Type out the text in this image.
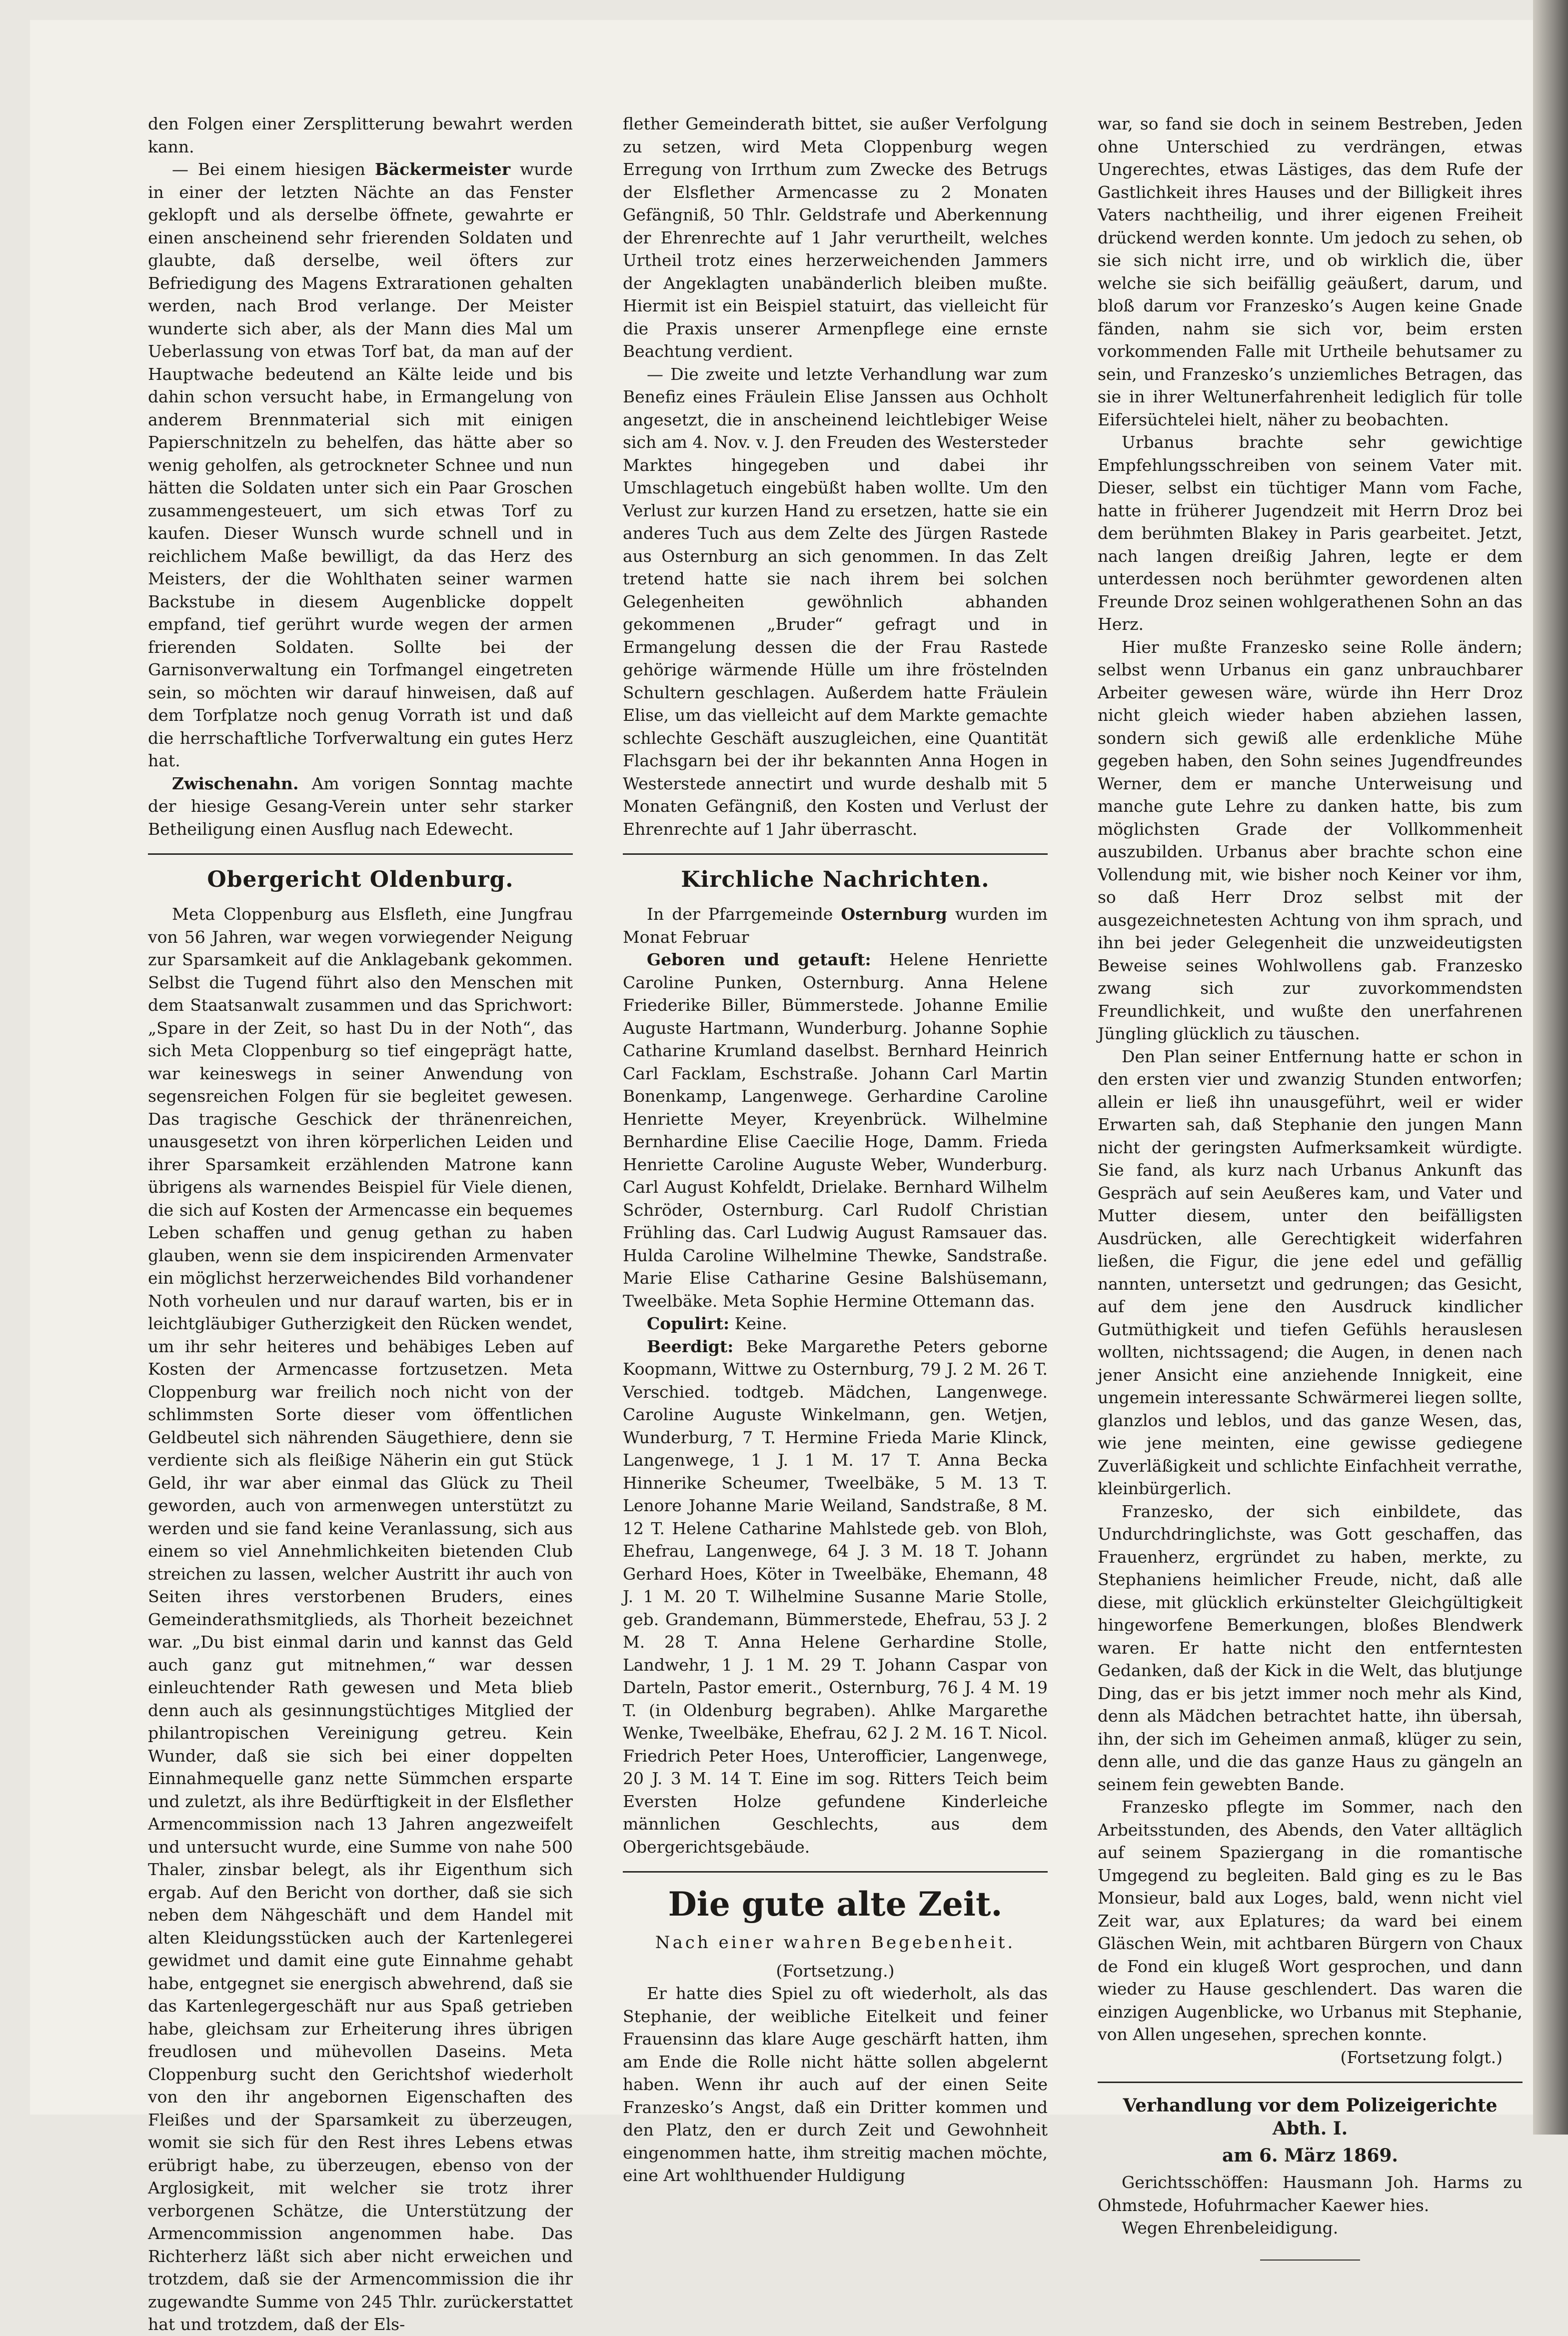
den Folgen einer Zersplitterung bewahrt werden kann.

— Bei einem hiesigen Bäckermeister wurde in einer der letzten Nächte an das Fenster geklopft und als derselbe öffnete, gewahrte er einen anscheinend sehr frierenden Soldaten und glaubte, daß derselbe, weil öfters zur Befriedigung des Magens Extrarationen gehalten werden, nach Brod verlange. Der Meister wunderte sich aber, als der Mann dies Mal um Ueberlassung von etwas Torf bat, da man auf der Hauptwache bedeutend an Kälte leide und bis dahin schon versucht habe, in Ermangelung von anderem Brennmaterial sich mit einigen Papierschnitzeln zu behelfen, das hätte aber so wenig geholfen, als getrockneter Schnee und nun hätten die Soldaten unter sich ein Paar Groschen zusammengesteuert, um sich etwas Torf zu kaufen. Dieser Wunsch wurde schnell und in reichlichem Maße bewilligt, da das Herz des Meisters, der die Wohlthaten seiner warmen Backstube in diesem Augenblicke doppelt empfand, tief gerührt wurde wegen der armen frierenden Soldaten. Sollte bei der Garnisonverwaltung ein Torfmangel eingetreten sein, so möchten wir darauf hinweisen, daß auf dem Torfplatze noch genug Vorrath ist und daß die herrschaftliche Torfverwaltung ein gutes Herz hat.

Zwischenahn. Am vorigen Sonntag machte der hiesige Gesang-Verein unter sehr starker Betheiligung einen Ausflug nach Edewecht.

Obergericht Oldenburg.

Meta Cloppenburg aus Elsfleth, eine Jungfrau von 56 Jahren, war wegen vorwiegender Neigung zur Sparsamkeit auf die Anklagebank gekommen. Selbst die Tugend führt also den Menschen mit dem Staatsanwalt zusammen und das Sprichwort: „Spare in der Zeit, so hast Du in der Noth“, das sich Meta Cloppenburg so tief eingeprägt hatte, war keineswegs in seiner Anwendung von segensreichen Folgen für sie begleitet gewesen. Das tragische Geschick der thränenreichen, unausgesetzt von ihren körperlichen Leiden und ihrer Sparsamkeit erzählenden Matrone kann übrigens als warnendes Beispiel für Viele dienen, die sich auf Kosten der Armencasse ein bequemes Leben schaffen und genug gethan zu haben glauben, wenn sie dem inspicirenden Armenvater ein möglichst herzerweichendes Bild vorhandener Noth vorheulen und nur darauf warten, bis er in leichtgläubiger Gutherzigkeit den Rücken wendet, um ihr sehr heiteres und behäbiges Leben auf Kosten der Armencasse fortzusetzen. Meta Cloppenburg war freilich noch nicht von der schlimmsten Sorte dieser vom öffentlichen Geldbeutel sich nährenden Säugethiere, denn sie verdiente sich als fleißige Näherin ein gut Stück Geld, ihr war aber einmal das Glück zu Theil geworden, auch von armenwegen unterstützt zu werden und sie fand keine Veranlassung, sich aus einem so viel Annehmlichkeiten bietenden Club streichen zu lassen, welcher Austritt ihr auch von Seiten ihres verstorbenen Bruders, eines Gemeinderathsmitglieds, als Thorheit bezeichnet war. „Du bist einmal darin und kannst das Geld auch ganz gut mitnehmen,“ war dessen einleuchtender Rath gewesen und Meta blieb denn auch als gesinnungstüchtiges Mitglied der philantropischen Vereinigung getreu. Kein Wunder, daß sie sich bei einer doppelten Einnahmequelle ganz nette Sümmchen ersparte und zuletzt, als ihre Bedürftigkeit in der Elsflether Armencommission nach 13 Jahren angezweifelt und untersucht wurde, eine Summe von nahe 500 Thaler, zinsbar belegt, als ihr Eigenthum sich ergab. Auf den Bericht von dorther, daß sie sich neben dem Nähgeschäft und dem Handel mit alten Kleidungsstücken auch der Kartenlegerei gewidmet und damit eine gute Einnahme gehabt habe, entgegnet sie energisch abwehrend, daß sie das Kartenlegergeschäft nur aus Spaß getrieben habe, gleichsam zur Erheiterung ihres übrigen freudlosen und mühevollen Daseins. Meta Cloppenburg sucht den Gerichtshof wiederholt von den ihr angebornen Eigenschaften des Fleißes und der Sparsamkeit zu überzeugen, womit sie sich für den Rest ihres Lebens etwas erübrigt habe, zu überzeugen, ebenso von der Arglosigkeit, mit welcher sie trotz ihrer verborgenen Schätze, die Unterstützung der Armencommission angenommen habe. Das Richterherz läßt sich aber nicht erweichen und trotzdem, daß sie der Armencommission die ihr zugewandte Summe von 245 Thlr. zurückerstattet hat und trotzdem, daß der Els-

flether Gemeinderath bittet, sie außer Verfolgung zu setzen, wird Meta Cloppenburg wegen Erregung von Irrthum zum Zwecke des Betrugs der Elsflether Armencasse zu 2 Monaten Gefängniß, 50 Thlr. Geldstrafe und Aberkennung der Ehrenrechte auf 1 Jahr verurtheilt, welches Urtheil trotz eines herzerweichenden Jammers der Angeklagten unabänderlich bleiben mußte. Hiermit ist ein Beispiel statuirt, das vielleicht für die Praxis unserer Armenpflege eine ernste Beachtung verdient.

— Die zweite und letzte Verhandlung war zum Benefiz eines Fräulein Elise Janssen aus Ochholt angesetzt, die in anscheinend leichtlebiger Weise sich am 4. Nov. v. J. den Freuden des Westersteder Marktes hingegeben und dabei ihr Umschlagetuch eingebüßt haben wollte. Um den Verlust zur kurzen Hand zu ersetzen, hatte sie ein anderes Tuch aus dem Zelte des Jürgen Rastede aus Osternburg an sich genommen. In das Zelt tretend hatte sie nach ihrem bei solchen Gelegenheiten gewöhnlich abhanden gekommenen „Bruder“ gefragt und in Ermangelung dessen die der Frau Rastede gehörige wärmende Hülle um ihre fröstelnden Schultern geschlagen. Außerdem hatte Fräulein Elise, um das vielleicht auf dem Markte gemachte schlechte Geschäft auszugleichen, eine Quantität Flachsgarn bei der ihr bekannten Anna Hogen in Westerstede annectirt und wurde deshalb mit 5 Monaten Gefängniß, den Kosten und Verlust der Ehrenrechte auf 1 Jahr überrascht.

Kirchliche Nachrichten.

In der Pfarrgemeinde Osternburg wurden im Monat Februar

Geboren und getauft: Helene Henriette Caroline Punken, Osternburg. Anna Helene Friederike Biller, Bümmerstede. Johanne Emilie Auguste Hartmann, Wunderburg. Johanne Sophie Catharine Krumland daselbst. Bernhard Heinrich Carl Facklam, Eschstraße. Johann Carl Martin Bonenkamp, Langenwege. Gerhardine Caroline Henriette Meyer, Kreyenbrück. Wilhelmine Bernhardine Elise Caecilie Hoge, Damm. Frieda Henriette Caroline Auguste Weber, Wunderburg. Carl August Kohfeldt, Drielake. Bernhard Wilhelm Schröder, Osternburg. Carl Rudolf Christian Frühling das. Carl Ludwig August Ramsauer das. Hulda Caroline Wilhelmine Thewke, Sandstraße. Marie Elise Catharine Gesine Balshüsemann, Tweelbäke. Meta Sophie Hermine Ottemann das.

Copulirt: Keine.

Beerdigt: Beke Margarethe Peters geborne Koopmann, Wittwe zu Osternburg, 79 J. 2 M. 26 T. Verschied. todtgeb. Mädchen, Langenwege. Caroline Auguste Winkelmann, gen. Wetjen, Wunderburg, 7 T. Hermine Frieda Marie Klinck, Langenwege, 1 J. 1 M. 17 T. Anna Becka Hinnerike Scheumer, Tweelbäke, 5 M. 13 T. Lenore Johanne Marie Weiland, Sandstraße, 8 M. 12 T. Helene Catharine Mahlstede geb. von Bloh, Ehefrau, Langenwege, 64 J. 3 M. 18 T. Johann Gerhard Hoes, Köter in Tweelbäke, Ehemann, 48 J. 1 M. 20 T. Wilhelmine Susanne Marie Stolle, geb. Grandemann, Bümmerstede, Ehefrau, 53 J. 2 M. 28 T. Anna Helene Gerhardine Stolle, Landwehr, 1 J. 1 M. 29 T. Johann Caspar von Darteln, Pastor emerit., Osternburg, 76 J. 4 M. 19 T. (in Oldenburg begraben). Ahlke Margarethe Wenke, Tweelbäke, Ehefrau, 62 J. 2 M. 16 T. Nicol. Friedrich Peter Hoes, Unterofficier, Langenwege, 20 J. 3 M. 14 T. Eine im sog. Ritters Teich beim Eversten Holze gefundene Kinderleiche männlichen Geschlechts, aus dem Obergerichtsgebäude.

Die gute alte Zeit.
Nach einer wahren Begebenheit.
(Fortsetzung.)

Er hatte dies Spiel zu oft wiederholt, als das Stephanie, der weibliche Eitelkeit und feiner Frauensinn das klare Auge geschärft hatten, ihm am Ende die Rolle nicht hätte sollen abgelernt haben. Wenn ihr auch auf der einen Seite Franzesko’s Angst, daß ein Dritter kommen und den Platz, den er durch Zeit und Gewohnheit eingenommen hatte, ihm streitig machen möchte, eine Art wohlthuender Huldigung

war, so fand sie doch in seinem Bestreben, Jeden ohne Unterschied zu verdrängen, etwas Ungerechtes, etwas Lästiges, das dem Rufe der Gastlichkeit ihres Hauses und der Billigkeit ihres Vaters nachtheilig, und ihrer eigenen Freiheit drückend werden konnte. Um jedoch zu sehen, ob sie sich nicht irre, und ob wirklich die, über welche sie sich beifällig geäußert, darum, und bloß darum vor Franzesko’s Augen keine Gnade fänden, nahm sie sich vor, beim ersten vorkommenden Falle mit Urtheile behutsamer zu sein, und Franzesko’s unziemliches Betragen, das sie in ihrer Weltunerfahrenheit lediglich für tolle Eifersüchtelei hielt, näher zu beobachten.

Urbanus brachte sehr gewichtige Empfehlungsschreiben von seinem Vater mit. Dieser, selbst ein tüchtiger Mann vom Fache, hatte in früherer Jugendzeit mit Herrn Droz bei dem berühmten Blakey in Paris gearbeitet. Jetzt, nach langen dreißig Jahren, legte er dem unterdessen noch berühmter gewordenen alten Freunde Droz seinen wohlgerathenen Sohn an das Herz.

Hier mußte Franzesko seine Rolle ändern; selbst wenn Urbanus ein ganz unbrauchbarer Arbeiter gewesen wäre, würde ihn Herr Droz nicht gleich wieder haben abziehen lassen, sondern sich gewiß alle erdenkliche Mühe gegeben haben, den Sohn seines Jugendfreundes Werner, dem er manche Unterweisung und manche gute Lehre zu danken hatte, bis zum möglichsten Grade der Vollkommenheit auszubilden. Urbanus aber brachte schon eine Vollendung mit, wie bisher noch Keiner vor ihm, so daß Herr Droz selbst mit der ausgezeichnetesten Achtung von ihm sprach, und ihn bei jeder Gelegenheit die unzweideutigsten Beweise seines Wohlwollens gab. Franzesko zwang sich zur zuvorkommendsten Freundlichkeit, und wußte den unerfahrenen Jüngling glücklich zu täuschen.

Den Plan seiner Entfernung hatte er schon in den ersten vier und zwanzig Stunden entworfen; allein er ließ ihn unausgeführt, weil er wider Erwarten sah, daß Stephanie den jungen Mann nicht der geringsten Aufmerksamkeit würdigte. Sie fand, als kurz nach Urbanus Ankunft das Gespräch auf sein Aeußeres kam, und Vater und Mutter diesem, unter den beifälligsten Ausdrücken, alle Gerechtigkeit widerfahren ließen, die Figur, die jene edel und gefällig nannten, untersetzt und gedrungen; das Gesicht, auf dem jene den Ausdruck kindlicher Gutmüthigkeit und tiefen Gefühls herauslesen wollten, nichtssagend; die Augen, in denen nach jener Ansicht eine anziehende Innigkeit, eine ungemein interessante Schwärmerei liegen sollte, glanzlos und leblos, und das ganze Wesen, das, wie jene meinten, eine gewisse gediegene Zuverläßigkeit und schlichte Einfachheit verrathe, kleinbürgerlich.

Franzesko, der sich einbildete, das Undurchdringlichste, was Gott geschaffen, das Frauenherz, ergründet zu haben, merkte, zu Stephaniens heimlicher Freude, nicht, daß alle diese, mit glücklich erkünstelter Gleichgültigkeit hingeworfene Bemerkungen, bloßes Blendwerk waren. Er hatte nicht den entferntesten Gedanken, daß der Kick in die Welt, das blutjunge Ding, das er bis jetzt immer noch mehr als Kind, denn als Mädchen betrachtet hatte, ihn übersah, ihn, der sich im Geheimen anmaß, klüger zu sein, denn alle, und die das ganze Haus zu gängeln an seinem fein gewebten Bande.

Franzesko pflegte im Sommer, nach den Arbeitsstunden, des Abends, den Vater alltäglich auf seinem Spaziergang in die romantische Umgegend zu begleiten. Bald ging es zu le Bas Monsieur, bald aux Loges, bald, wenn nicht viel Zeit war, aux Eplatures; da ward bei einem Gläschen Wein, mit achtbaren Bürgern von Chaux de Fond ein klugeß Wort gesprochen, und dann wieder zu Hause geschlendert. Das waren die einzigen Augenblicke, wo Urbanus mit Stephanie, von Allen ungesehen, sprechen konnte.

(Fortsetzung folgt.)
Verhandlung vor dem Polizeigerichte Abth. I.
am 6. März 1869.

Gerichtsschöffen: Hausmann Joh. Harms zu Ohmstede, Hofuhrmacher Kaewer hies.

Wegen Ehrenbeleidigung.
